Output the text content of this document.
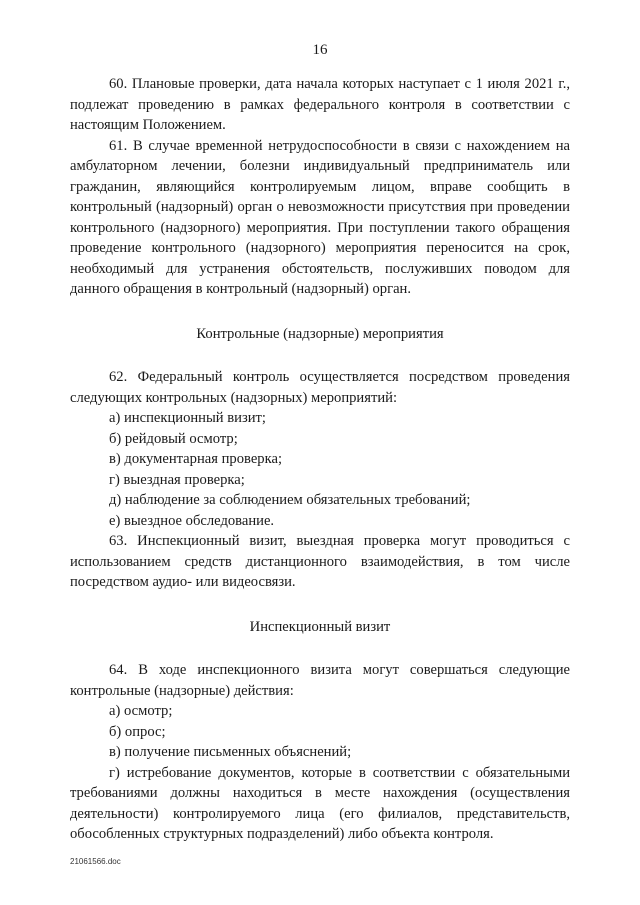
16

60. Плановые проверки, дата начала которых наступает с 1 июля 2021 г., подлежат проведению в рамках федерального контроля в соответствии с настоящим Положением.

61. В случае временной нетрудоспособности в связи с нахождением на амбулаторном лечении, болезни индивидуальный предприниматель или гражданин, являющийся контролируемым лицом, вправе сообщить в контрольный (надзорный) орган о невозможности присутствия при проведении контрольного (надзорного) мероприятия. При поступлении такого обращения проведение контрольного (надзорного) мероприятия переносится на срок, необходимый для устранения обстоятельств, послуживших поводом для данного обращения в контрольный (надзорный) орган.

Контрольные (надзорные) мероприятия

62. Федеральный контроль осуществляется посредством проведения следующих контрольных (надзорных) мероприятий:

а) инспекционный визит;

б) рейдовый осмотр;

в) документарная проверка;

г) выездная проверка;

д) наблюдение за соблюдением обязательных требований;

е) выездное обследование.

63. Инспекционный визит, выездная проверка могут проводиться с использованием средств дистанционного взаимодействия, в том числе посредством аудио- или видеосвязи.

Инспекционный визит

64. В ходе инспекционного визита могут совершаться следующие контрольные (надзорные) действия:

а) осмотр;

б) опрос;

в) получение письменных объяснений;

г) истребование документов, которые в соответствии с обязательными требованиями должны находиться в месте нахождения (осуществления деятельности) контролируемого лица (его филиалов, представительств, обособленных структурных подразделений) либо объекта контроля.

21061566.doc
